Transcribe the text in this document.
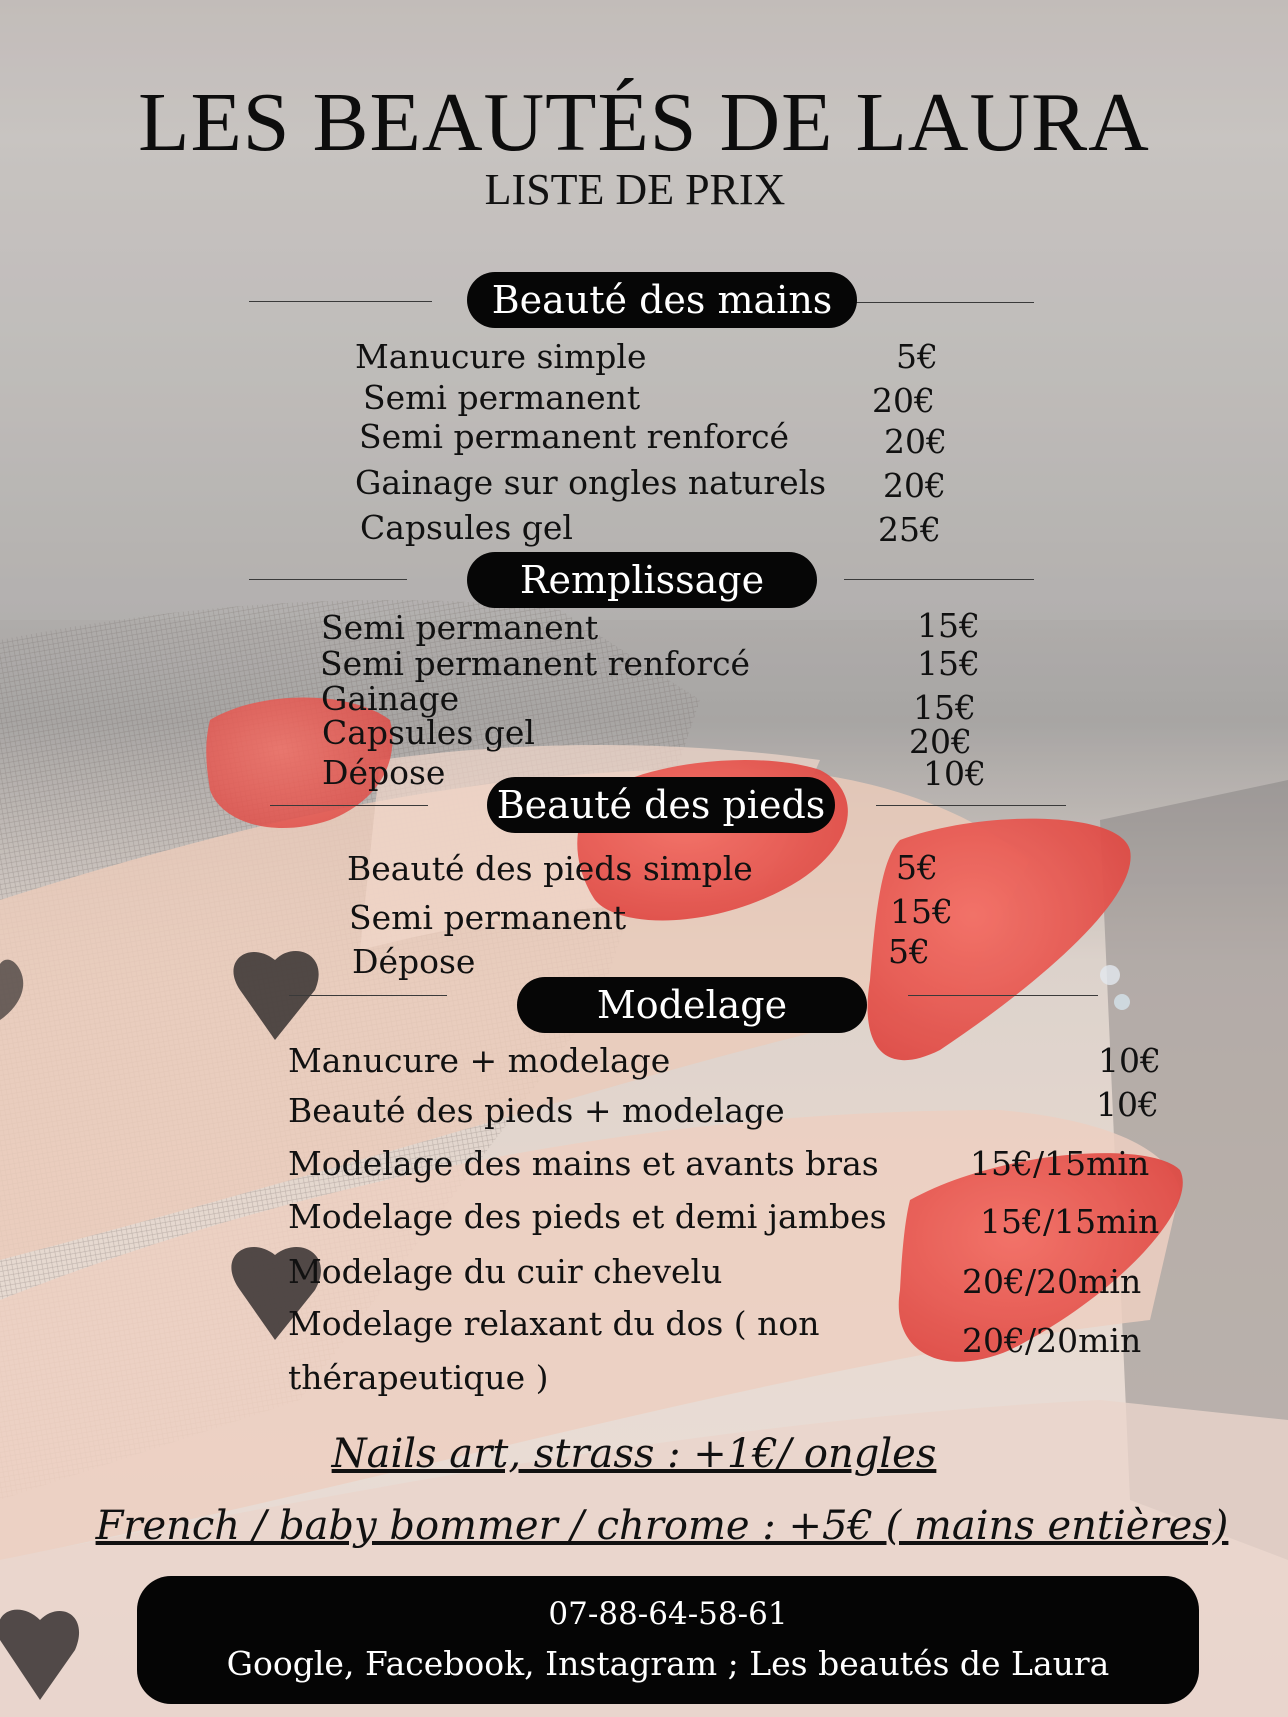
LES BEAUTÉS DE LAURA
LISTE DE PRIX
Beauté des mains
Manucure simple	5€
Semi permanent	20€
Semi permanent renforcé	20€
Gainage sur ongles naturels 20€
Capsules gel	25€
Remplissage
Semi permanent	15€
Semi permanent renforcé	15€
Gainage	15€
Capsules gel	20€
Dépose	10€
Beauté des pieds
Beauté des pieds simple	5€
Semi permanent	15€
Dépose	5€
Modelage
Manucure + modelage	10€
Beauté des pieds + modelage	10€
Modelage des mains et avants bras	15€/15min
Modelage des pieds et demi jambes	15€/15min
Modelage du cuir chevelu	20€/20min
Modelage relaxant du dos ( non
thérapeutique )
20€/20min
Nails art, strass : +1€/ ongles
French / baby bommer / chrome : +5€ ( mains entières)
07-88-64-58-61
Google, Facebook, Instagram ; Les beautés de Laura
